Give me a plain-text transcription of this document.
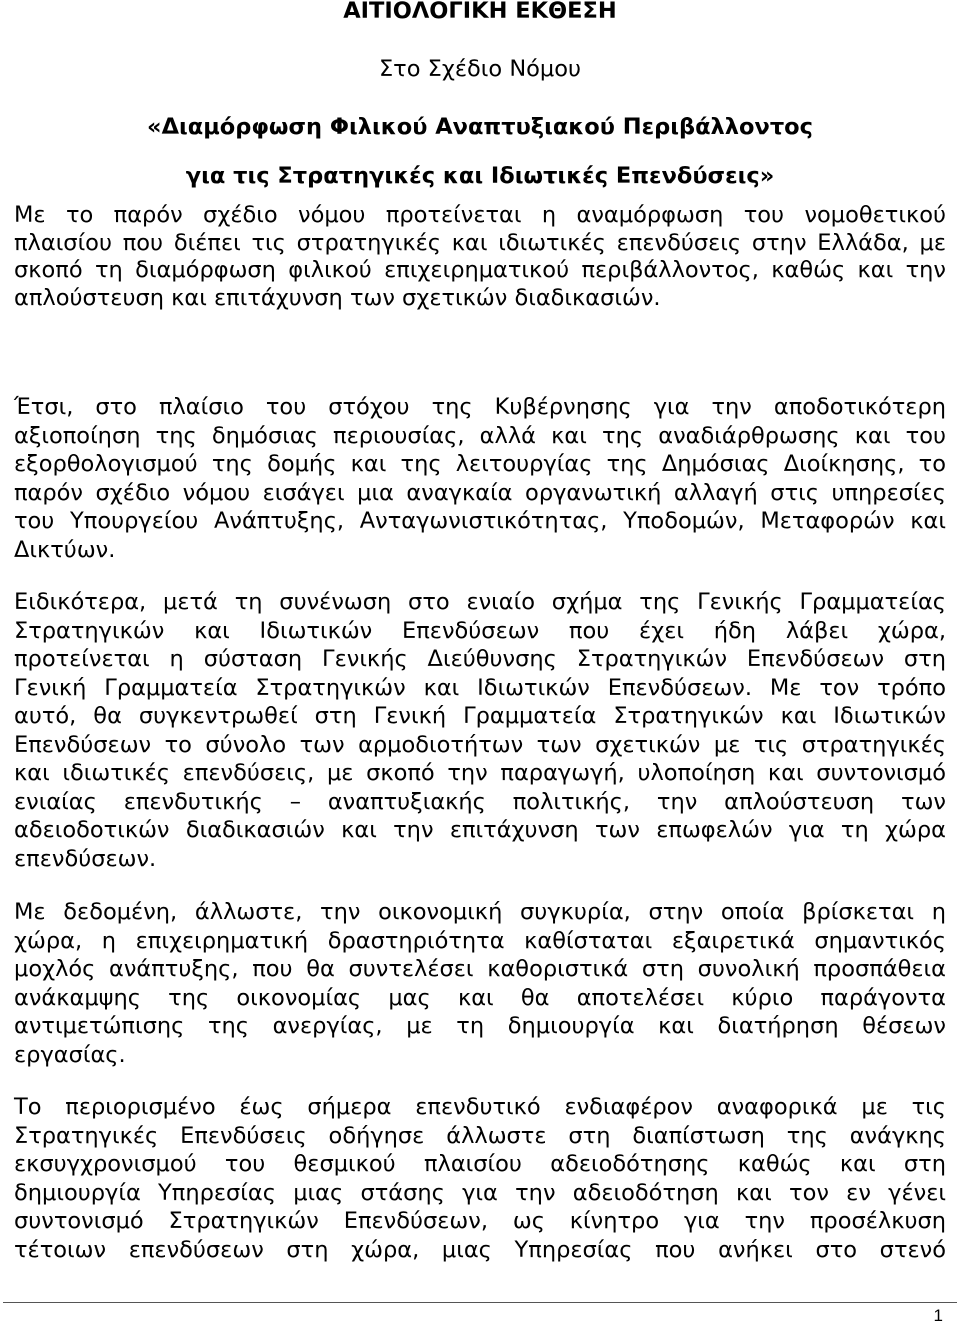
ΑΙΤΙΟΛΟΓΙΚΗ ΕΚΘΕΣΗ
Στο Σχέδιο Νόμου
«Διαμόρφωση Φιλικού Αναπτυξιακού Περιβάλλοντος
για τις Στρατηγικές και Ιδιωτικές Επενδύσεις»
Με το παρόν σχέδιο νόμου προτείνεται η αναμόρφωση του νομοθετικού
πλαισίου που διέπει τις στρατηγικές και ιδιωτικές επενδύσεις στην Ελλάδα, με
σκοπό τη διαμόρφωση φιλικού επιχειρηματικού περιβάλλοντος, καθώς και την
απλούστευση και επιτάχυνση των σχετικών διαδικασιών.
Έτσι, στο πλαίσιο του στόχου της Κυβέρνησης για την αποδοτικότερη
αξιοποίηση της δημόσιας περιουσίας, αλλά και της αναδιάρθρωσης και του
εξορθολογισμού της δομής και της λειτουργίας της Δημόσιας Διοίκησης, το
παρόν σχέδιο νόμου εισάγει μια αναγκαία οργανωτική αλλαγή στις υπηρεσίες
του Υπουργείου Ανάπτυξης, Ανταγωνιστικότητας, Υποδομών, Μεταφορών και
Δικτύων.
Ειδικότερα, μετά τη συνένωση στο ενιαίο σχήμα της Γενικής Γραμματείας
Στρατηγικών και Ιδιωτικών Επενδύσεων που έχει ήδη λάβει χώρα,
προτείνεται η σύσταση Γενικής Διεύθυνσης Στρατηγικών Επενδύσεων στη
Γενική Γραμματεία Στρατηγικών και Ιδιωτικών Επενδύσεων. Με τον τρόπο
αυτό, θα συγκεντρωθεί στη Γενική Γραμματεία Στρατηγικών και Ιδιωτικών
Επενδύσεων το σύνολο των αρμοδιοτήτων των σχετικών με τις στρατηγικές
και ιδιωτικές επενδύσεις, με σκοπό την παραγωγή, υλοποίηση και συντονισμό
ενιαίας επενδυτικής – αναπτυξιακής πολιτικής, την απλούστευση των
αδειοδοτικών διαδικασιών και την επιτάχυνση των επωφελών για τη χώρα
επενδύσεων.
Με δεδομένη, άλλωστε, την οικονομική συγκυρία, στην οποία βρίσκεται η
χώρα, η επιχειρηματική δραστηριότητα καθίσταται εξαιρετικά σημαντικός
μοχλός ανάπτυξης, που θα συντελέσει καθοριστικά στη συνολική προσπάθεια
ανάκαμψης της οικονομίας μας και θα αποτελέσει κύριο παράγοντα
αντιμετώπισης της ανεργίας, με τη δημιουργία και διατήρηση θέσεων
εργασίας.
Το περιορισμένο έως σήμερα επενδυτικό ενδιαφέρον αναφορικά με τις
Στρατηγικές Επενδύσεις οδήγησε άλλωστε στη διαπίστωση της ανάγκης
εκσυγχρονισμού του θεσμικού πλαισίου αδειοδότησης καθώς και στη
δημιουργία Υπηρεσίας μιας στάσης για την αδειοδότηση και τον εν γένει
συντονισμό Στρατηγικών Επενδύσεων, ως κίνητρο για την προσέλκυση
τέτοιων επενδύσεων στη χώρα, μιας Υπηρεσίας που ανήκει στο στενό
1
